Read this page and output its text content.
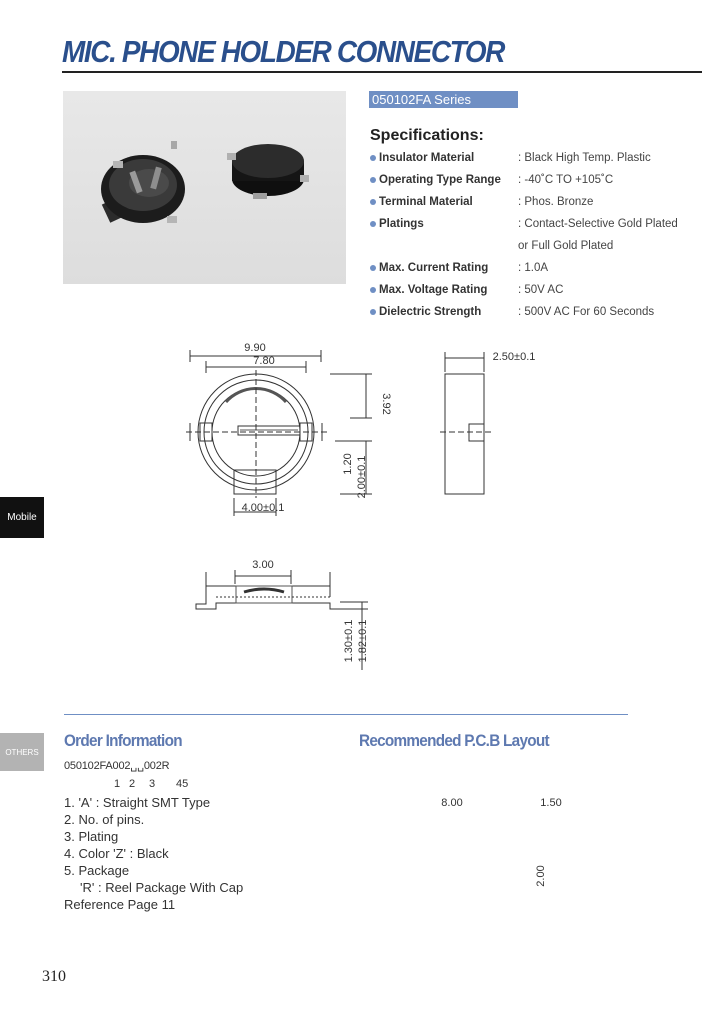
MIC. PHONE HOLDER CONNECTOR
050102FA Series
Specifications:
Insulator Material	: Black High Temp. Plastic
Operating Type Range : -40˚C TO +105˚C
Terminal Material	: Phos. Bronze
Platings	: Contact-Selective Gold Plated
or Full Gold Plated
Max. Current Rating	: 1.0A
Max. Voltage Rating	: 50V AC
Dielectric Strength	: 500V AC For 60 Seconds
9.90
7.80
3.92
1.20 2.00±0.1
4.00±0.1
2.50±0.1
3.00
1.30±0.1 1.82±0.1
Mobile
OTHERS
Order Information	Recommended P.C.B Layout
050102FA002␣␣002R
1 2 3 45
1. 'A' : Straight SMT Type
2. No. of pins.
3. Plating
4. Color 'Z' : Black
5. Package
'R' : Reel Package With Cap
Reference Page 11
8.00	1.50
2.00
310
